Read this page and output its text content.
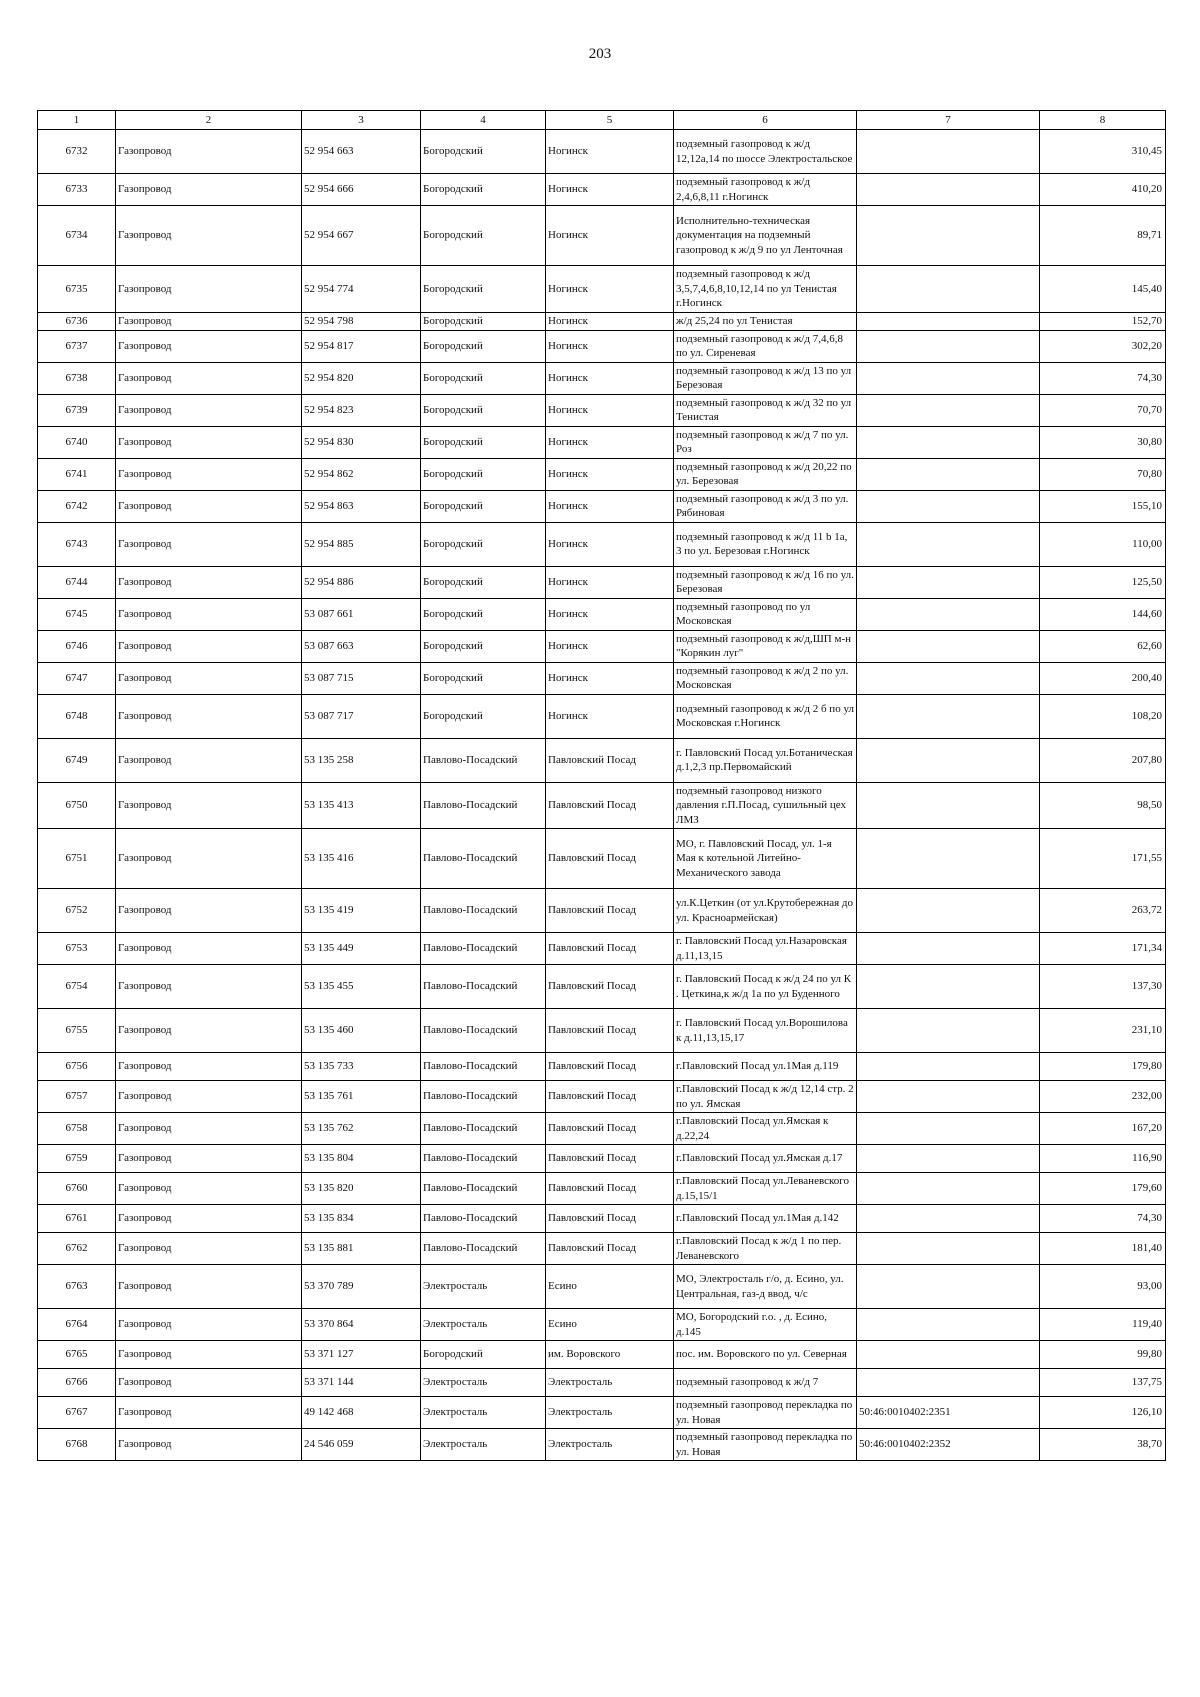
203
1	2	3	4	5	6	7	8
6732	Газопровод	52 954 663	Богородский	Ногинск	подземный газопровод к ж/д 12,12а,14 по шоссе Электростальское		310,45
6733	Газопровод	52 954 666	Богородский	Ногинск	подземный газопровод к ж/д 2,4,6,8,11 г.Ногинск		410,20
6734	Газопровод	52 954 667	Богородский	Ногинск	Исполнительно-техническая документация на подземный газопровод к ж/д 9 по ул Ленточная		89,71
6735	Газопровод	52 954 774	Богородский	Ногинск	подземный газопровод к ж/д 3,5,7,4,6,8,10,12,14 по ул Тенистая г.Ногинск		145,40
6736	Газопровод	52 954 798	Богородский	Ногинск	ж/д 25,24 по ул Тенистая		152,70
6737	Газопровод	52 954 817	Богородский	Ногинск	подземный газопровод к ж/д 7,4,6,8 по ул. Сиреневая		302,20
6738	Газопровод	52 954 820	Богородский	Ногинск	подземный газопровод к ж/д 13 по ул Березовая		74,30
6739	Газопровод	52 954 823	Богородский	Ногинск	подземный газопровод к ж/д 32 по ул Тенистая		70,70
6740	Газопровод	52 954 830	Богородский	Ногинск	подземный газопровод к ж/д 7 по ул. Роз		30,80
6741	Газопровод	52 954 862	Богородский	Ногинск	подземный газопровод к ж/д 20,22 по ул. Березовая		70,80
6742	Газопровод	52 954 863	Богородский	Ногинск	подземный газопровод к ж/д 3 по ул. Рябиновая		155,10
6743	Газопровод	52 954 885	Богородский	Ногинск	подземный газопровод к ж/д 11 b 1а, 3 по ул. Березовая г.Ногинск		110,00
6744	Газопровод	52 954 886	Богородский	Ногинск	подземный газопровод к ж/д 16 по ул. Березовая		125,50
6745	Газопровод	53 087 661	Богородский	Ногинск	подземный газопровод по ул Московская		144,60
6746	Газопровод	53 087 663	Богородский	Ногинск	подземный газопровод к ж/д,ШП м-н "Корякин луг"		62,60
6747	Газопровод	53 087 715	Богородский	Ногинск	подземный газопровод к ж/д 2 по ул. Московская		200,40
6748	Газопровод	53 087 717	Богородский	Ногинск	подземный газопровод к ж/д 2 б по ул Московская г.Ногинск		108,20
6749	Газопровод	53 135 258	Павлово-Посадский	Павловский Посад	г. Павловский Посад ул.Ботаническая д.1,2,3 пр.Первомайский		207,80
6750	Газопровод	53 135 413	Павлово-Посадский	Павловский Посад	подземный газопровод низкого давления г.П.Посад, сушильный цех ЛМЗ		98,50
6751	Газопровод	53 135 416	Павлово-Посадский	Павловский Посад	МО, г. Павловский Посад, ул. 1-я Мая к котельной Литейно-Механического завода		171,55
6752	Газопровод	53 135 419	Павлово-Посадский	Павловский Посад	ул.К.Цеткин (от ул.Крутобережная до ул. Красноармейская)		263,72
6753	Газопровод	53 135 449	Павлово-Посадский	Павловский Посад	г. Павловский Посад ул.Назаровская д.11,13,15		171,34
6754	Газопровод	53 135 455	Павлово-Посадский	Павловский Посад	г. Павловский Посад к ж/д 24 по ул К . Цеткина,к ж/д 1а по ул Буденного		137,30
6755	Газопровод	53 135 460	Павлово-Посадский	Павловский Посад	г. Павловский Посад ул.Ворошилова к д.11,13,15,17		231,10
6756	Газопровод	53 135 733	Павлово-Посадский	Павловский Посад	г.Павловский Посад ул.1Мая д.119		179,80
6757	Газопровод	53 135 761	Павлово-Посадский	Павловский Посад	г.Павловский Посад к ж/д 12,14 стр. 2 по ул. Ямская		232,00
6758	Газопровод	53 135 762	Павлово-Посадский	Павловский Посад	г.Павловский Посад ул.Ямская к д.22,24		167,20
6759	Газопровод	53 135 804	Павлово-Посадский	Павловский Посад	г.Павловский Посад ул.Ямская д.17		116,90
6760	Газопровод	53 135 820	Павлово-Посадский	Павловский Посад	г.Павловский Посад ул.Леваневского д.15,15/1		179,60
6761	Газопровод	53 135 834	Павлово-Посадский	Павловский Посад	г.Павловский Посад ул.1Мая д.142		74,30
6762	Газопровод	53 135 881	Павлово-Посадский	Павловский Посад	г.Павловский Посад к ж/д 1 по пер. Леваневского		181,40
6763	Газопровод	53 370 789	Электросталь	Есино	МО, Электросталь г/о, д. Есино, ул. Центральная, газ-д ввод, ч/с		93,00
6764	Газопровод	53 370 864	Электросталь	Есино	МО, Богородский г.о. , д. Есино, д.145		119,40
6765	Газопровод	53 371 127	Богородский	им. Воровского	пос. им. Воровского по ул. Северная		99,80
6766	Газопровод	53 371 144	Электросталь	Электросталь	подземный газопровод к ж/д 7		137,75
6767	Газопровод	49 142 468	Электросталь	Электросталь	подземный газопровод перекладка по ул. Новая	50:46:0010402:2351	126,10
6768	Газопровод	24 546 059	Электросталь	Электросталь	подземный газопровод перекладка по ул. Новая	50:46:0010402:2352	38,70
